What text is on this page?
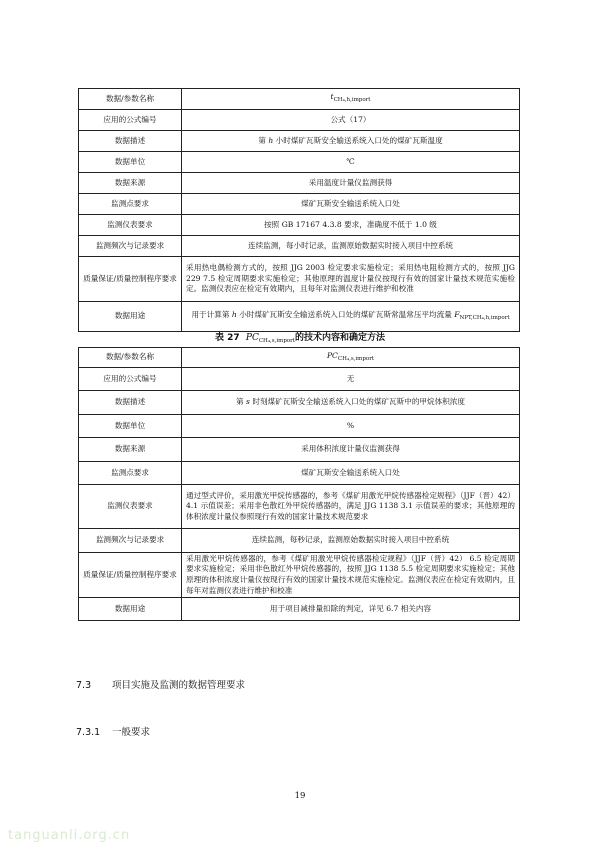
数据/参数名称	$t_{CH_4,h,import}$
应用的公式编号	公式（17）
数据描述	第 h 小时煤矿瓦斯安全输送系统入口处的煤矿瓦斯温度
数据单位	℃
数据来源	采用温度计量仪监测获得
监测点要求	煤矿瓦斯安全输送系统入口处
监测仪表要求	按照 GB 17167 4.3.8 要求，准确度不低于 1.0 级
监测频次与记录要求	连续监测，每小时记录，监测原始数据实时接入项目中控系统
质量保证/质量控制程序要求	采用热电偶检测方式的，按照 JJG 2003 检定要求实施检定；采用热电阻检测方式的，按照 JJG 229 7.5 检定周期要求实施检定；其他原理的温度计量仪按现行有效的国家计量技术规范实施检定。监测仪表应在检定有效期内，且每年对监测仪表进行维护和校准
数据用途	用于计算第 h 小时煤矿瓦斯安全输送系统入口处的煤矿瓦斯常温常压平均流量 $F_{NPT,CH_4,h,import}$
表 27 $PC_{CH_4,s,import}$的技术内容和确定方法
数据/参数名称	$PC_{CH_4,s,import}$
应用的公式编号	无
数据描述	第 s 时刻煤矿瓦斯安全输送系统入口处的煤矿瓦斯中的甲烷体积浓度
数据单位	%
数据来源	采用体积浓度计量仪监测获得
监测点要求	煤矿瓦斯安全输送系统入口处
监测仪表要求	通过型式评价，采用激光甲烷传感器的，参考《煤矿用激光甲烷传感器检定规程》（JJF（晋）42）4.1 示值误差；采用非色散红外甲烷传感器的，满足 JJG 1138 3.1 示值误差的要求；其他原理的体积浓度计量仪参照现行有效的国家计量技术规范要求
监测频次与记录要求	连续监测，每秒记录，监测原始数据实时接入项目中控系统
质量保证/质量控制程序要求	采用激光甲烷传感器的，参考《煤矿用激光甲烷传感器检定规程》（JJF（晋）42） 6.5 检定周期要求实施检定；采用非色散红外甲烷传感器的，按照 JJG 1138 5.5 检定周期要求实施检定；其他原理的体积浓度计量仪按现行有效的国家计量技术规范实施检定。监测仪表应在检定有效期内，且每年对监测仪表进行维护和校准
数据用途	用于项目减排量扣除的判定，详见 6.7 相关内容
7.3 项目实施及监测的数据管理要求
7.3.1 一般要求
19
tanguanli.org.cn
